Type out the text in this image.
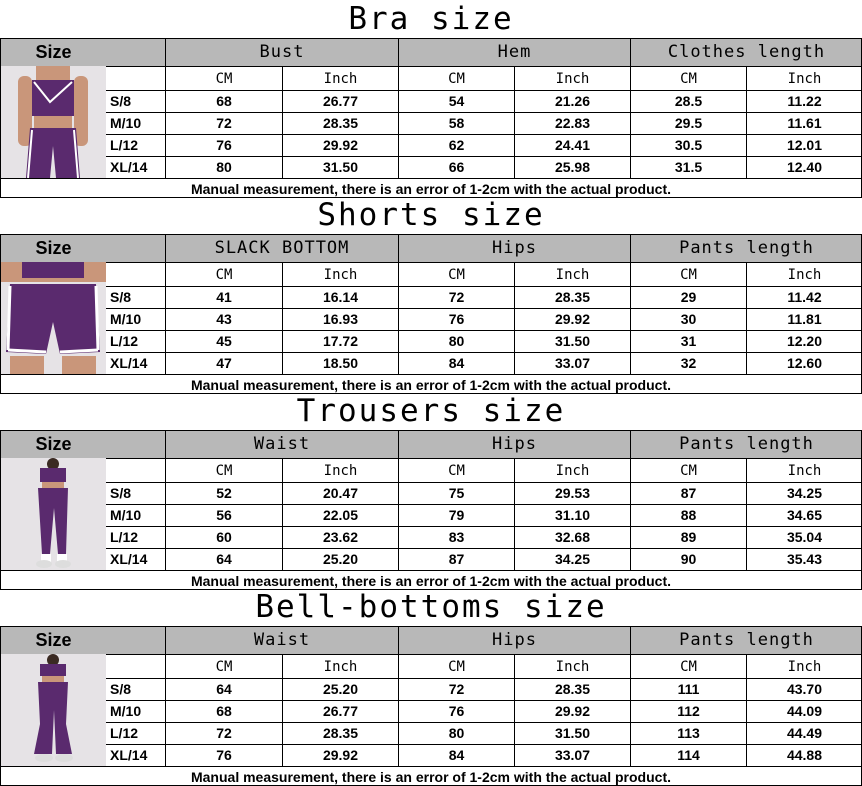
Bra size
Size	Bust	Hem	Clothes length
CM	Inch	CM	Inch	CM	Inch
S/8	68	26.77	54	21.26	28.5	11.22
M/10	72	28.35	58	22.83	29.5	11.61
L/12	76	29.92	62	24.41	30.5	12.01
XL/14	80	31.50	66	25.98	31.5	12.40
Manual measurement, there is an error of 1-2cm with the actual product.
Shorts size
Size	SLACK BOTTOM	Hips	Pants length
CM	Inch	CM	Inch	CM	Inch
S/8	41	16.14	72	28.35	29	11.42
M/10	43	16.93	76	29.92	30	11.81
L/12	45	17.72	80	31.50	31	12.20
XL/14	47	18.50	84	33.07	32	12.60
Manual measurement, there is an error of 1-2cm with the actual product.
Trousers size
Size	Waist	Hips	Pants length
CM	Inch	CM	Inch	CM	Inch
S/8	52	20.47	75	29.53	87	34.25
M/10	56	22.05	79	31.10	88	34.65
L/12	60	23.62	83	32.68	89	35.04
XL/14	64	25.20	87	34.25	90	35.43
Manual measurement, there is an error of 1-2cm with the actual product.
Bell-bottoms size
Size	Waist	Hips	Pants length
CM	Inch	CM	Inch	CM	Inch
S/8	64	25.20	72	28.35	111	43.70
M/10	68	26.77	76	29.92	112	44.09
L/12	72	28.35	80	31.50	113	44.49
XL/14	76	29.92	84	33.07	114	44.88
Manual measurement, there is an error of 1-2cm with the actual product.
